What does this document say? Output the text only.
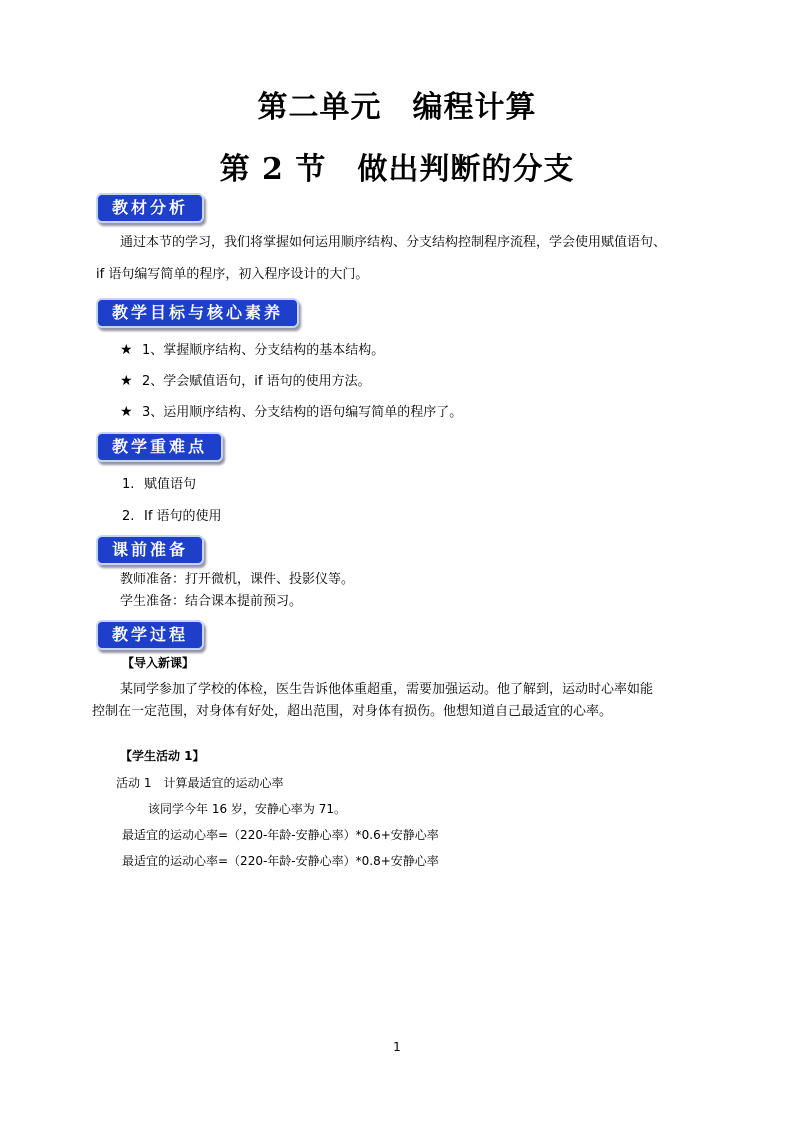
第二单元　编程计算
第 2 节　做出判断的分支
教材分析
通过本节的学习，我们将掌握如何运用顺序结构、分支结构控制程序流程，学会使用赋值语句、
if 语句编写简单的程序，初入程序设计的大门。
教学目标与核心素养
★ 1、掌握顺序结构、分支结构的基本结构。
★ 2、学会赋值语句，if 语句的使用方法。
★ 3、运用顺序结构、分支结构的语句编写简单的程序了。
教学重难点
1. 赋值语句
2. If 语句的使用
课前准备
教师准备：打开微机，课件、投影仪等。
学生准备：结合课本提前预习。
教学过程
【导入新课】
某同学参加了学校的体检，医生告诉他体重超重，需要加强运动。他了解到，运动时心率如能
控制在一定范围，对身体有好处，超出范围，对身体有损伤。他想知道自己最适宜的心率。
【学生活动 1】
活动 1　计算最适宜的运动心率
该同学今年 16 岁，安静心率为 71。
最适宜的运动心率=（220-年龄-安静心率）*0.6+安静心率
最适宜的运动心率=（220-年龄-安静心率）*0.8+安静心率
1
